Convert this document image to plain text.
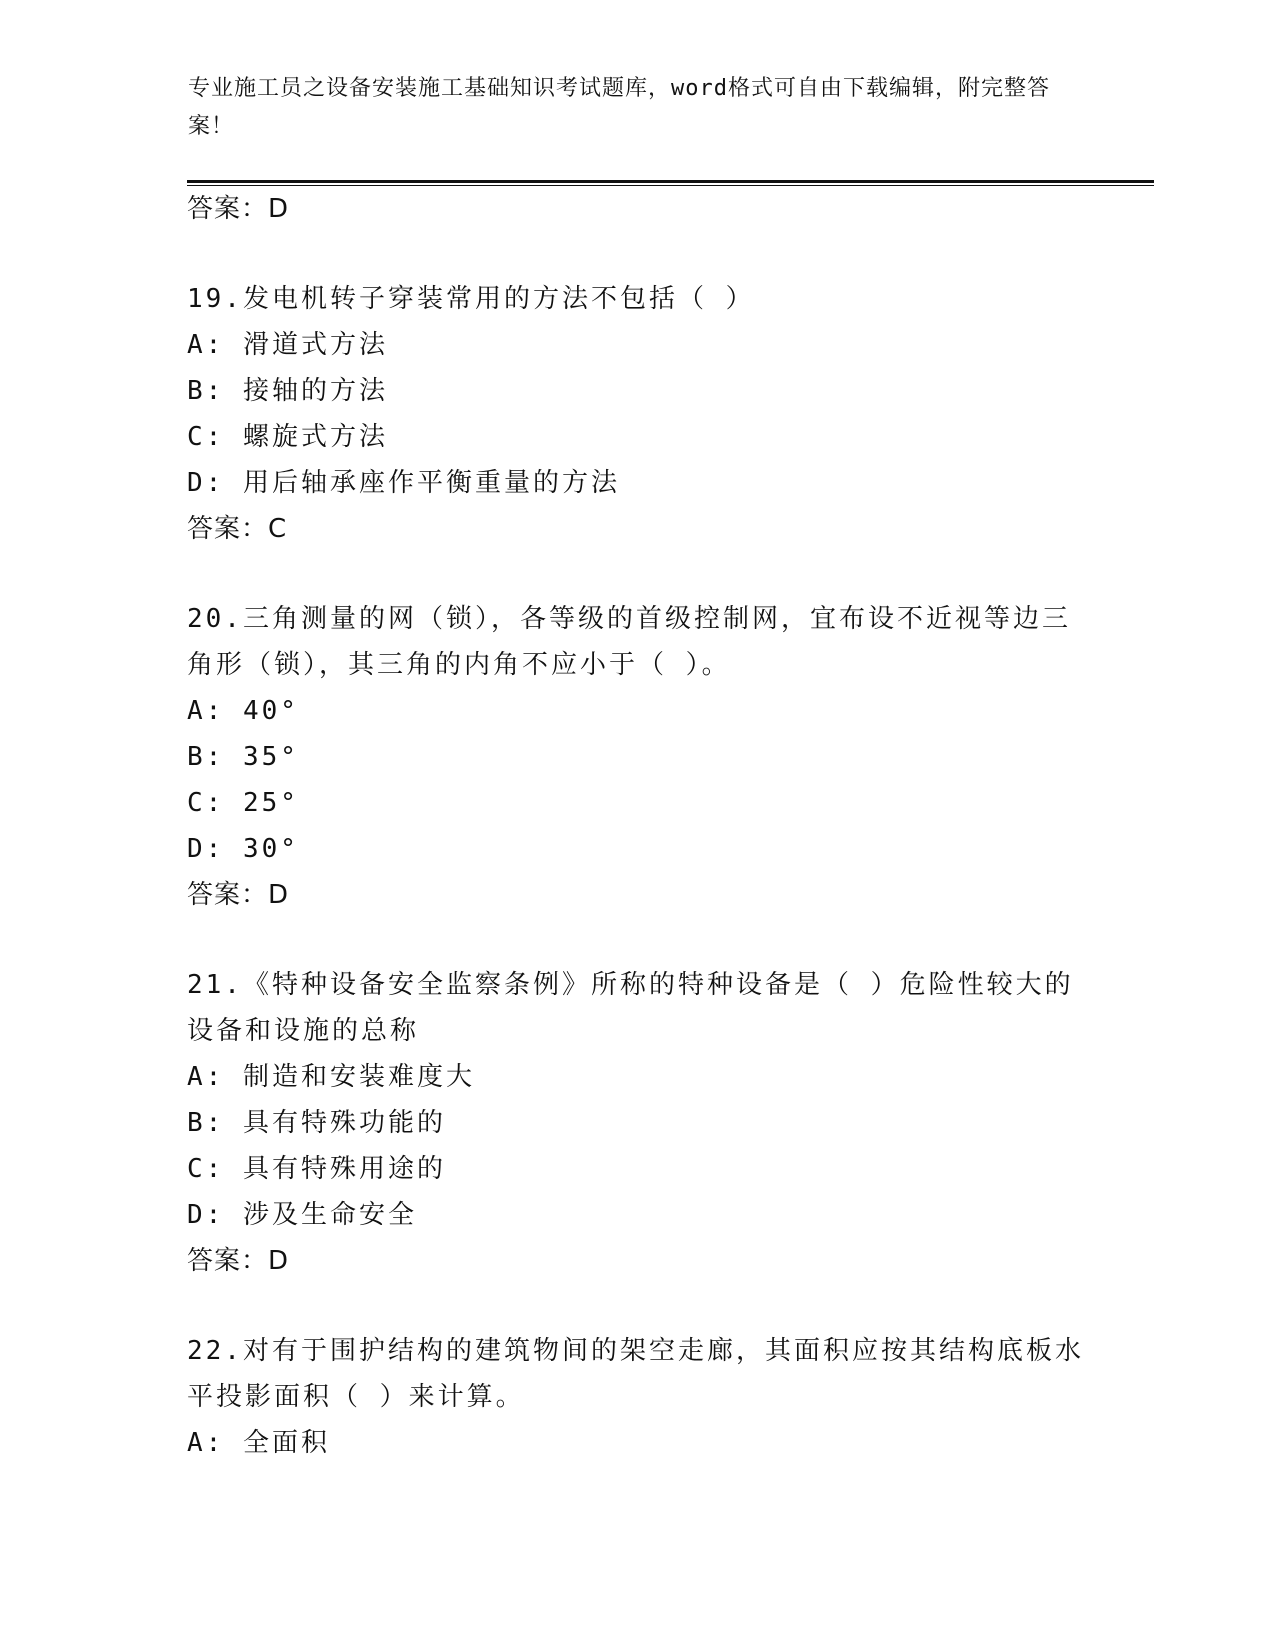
专业施工员之设备安装施工基础知识考试题库，word格式可自由下载编辑，附完整答案！
答案：D
19.发电机转子穿装常用的方法不包括（ ）
A: 滑道式方法
B: 接轴的方法
C: 螺旋式方法
D: 用后轴承座作平衡重量的方法
答案：C
20.三角测量的网（锁），各等级的首级控制网，宜布设不近视等边三角形（锁），其三角的内角不应小于（ ）。
A: 40°
B: 35°
C: 25°
D: 30°
答案：D
21.《特种设备安全监察条例》所称的特种设备是（ ）危险性较大的设备和设施的总称
A: 制造和安装难度大
B: 具有特殊功能的
C: 具有特殊用途的
D: 涉及生命安全
答案：D
22.对有于围护结构的建筑物间的架空走廊，其面积应按其结构底板水平投影面积（ ）来计算。
A: 全面积
